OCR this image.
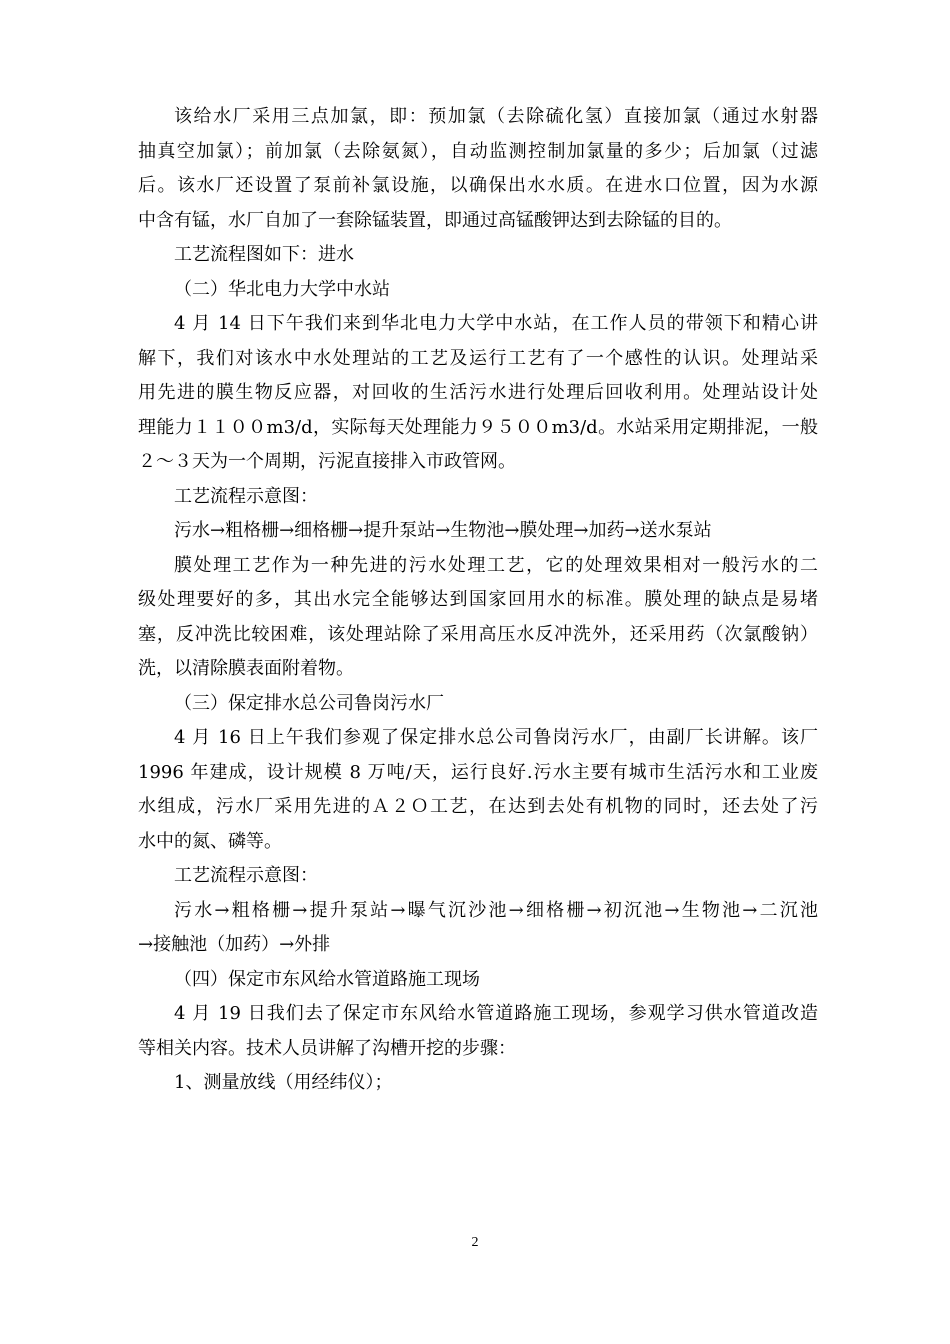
该给水厂采用三点加氯，即：预加氯（去除硫化氢）直接加氯（通过水射器
抽真空加氯）；前加氯（去除氨氮），自动监测控制加氯量的多少；后加氯（过滤
后。该水厂还设置了泵前补氯设施，以确保出水水质。在进水口位置，因为水源
中含有锰，水厂自加了一套除锰装置，即通过高锰酸钾达到去除锰的目的。
工艺流程图如下：进水
（二）华北电力大学中水站
4 月 14 日下午我们来到华北电力大学中水站，在工作人员的带领下和精心讲
解下，我们对该水中水处理站的工艺及运行工艺有了一个感性的认识。处理站采
用先进的膜生物反应器，对回收的生活污水进行处理后回收利用。处理站设计处
理能力１１００m3/d，实际每天处理能力９５００m3/d。水站采用定期排泥，一般
２～３天为一个周期，污泥直接排入市政管网。
工艺流程示意图：
污水→粗格栅→细格栅→提升泵站→生物池→膜处理→加药→送水泵站
膜处理工艺作为一种先进的污水处理工艺，它的处理效果相对一般污水的二
级处理要好的多，其出水完全能够达到国家回用水的标准。膜处理的缺点是易堵
塞，反冲洗比较困难，该处理站除了采用高压水反冲洗外，还采用药（次氯酸钠）
洗，以清除膜表面附着物。
（三）保定排水总公司鲁岗污水厂
4 月 16 日上午我们参观了保定排水总公司鲁岗污水厂，由副厂长讲解。该厂
1996 年建成，设计规模 8 万吨/天，运行良好.污水主要有城市生活污水和工业废
水组成，污水厂采用先进的Ａ２Ｏ工艺，在达到去处有机物的同时，还去处了污
水中的氮、磷等。
工艺流程示意图：
污水→粗格栅→提升泵站→曝气沉沙池→细格栅→初沉池→生物池→二沉池
→接触池（加药）→外排
（四）保定市东风给水管道路施工现场
4 月 19 日我们去了保定市东风给水管道路施工现场，参观学习供水管道改造
等相关内容。技术人员讲解了沟槽开挖的步骤：
1、测量放线（用经纬仪）；
2
